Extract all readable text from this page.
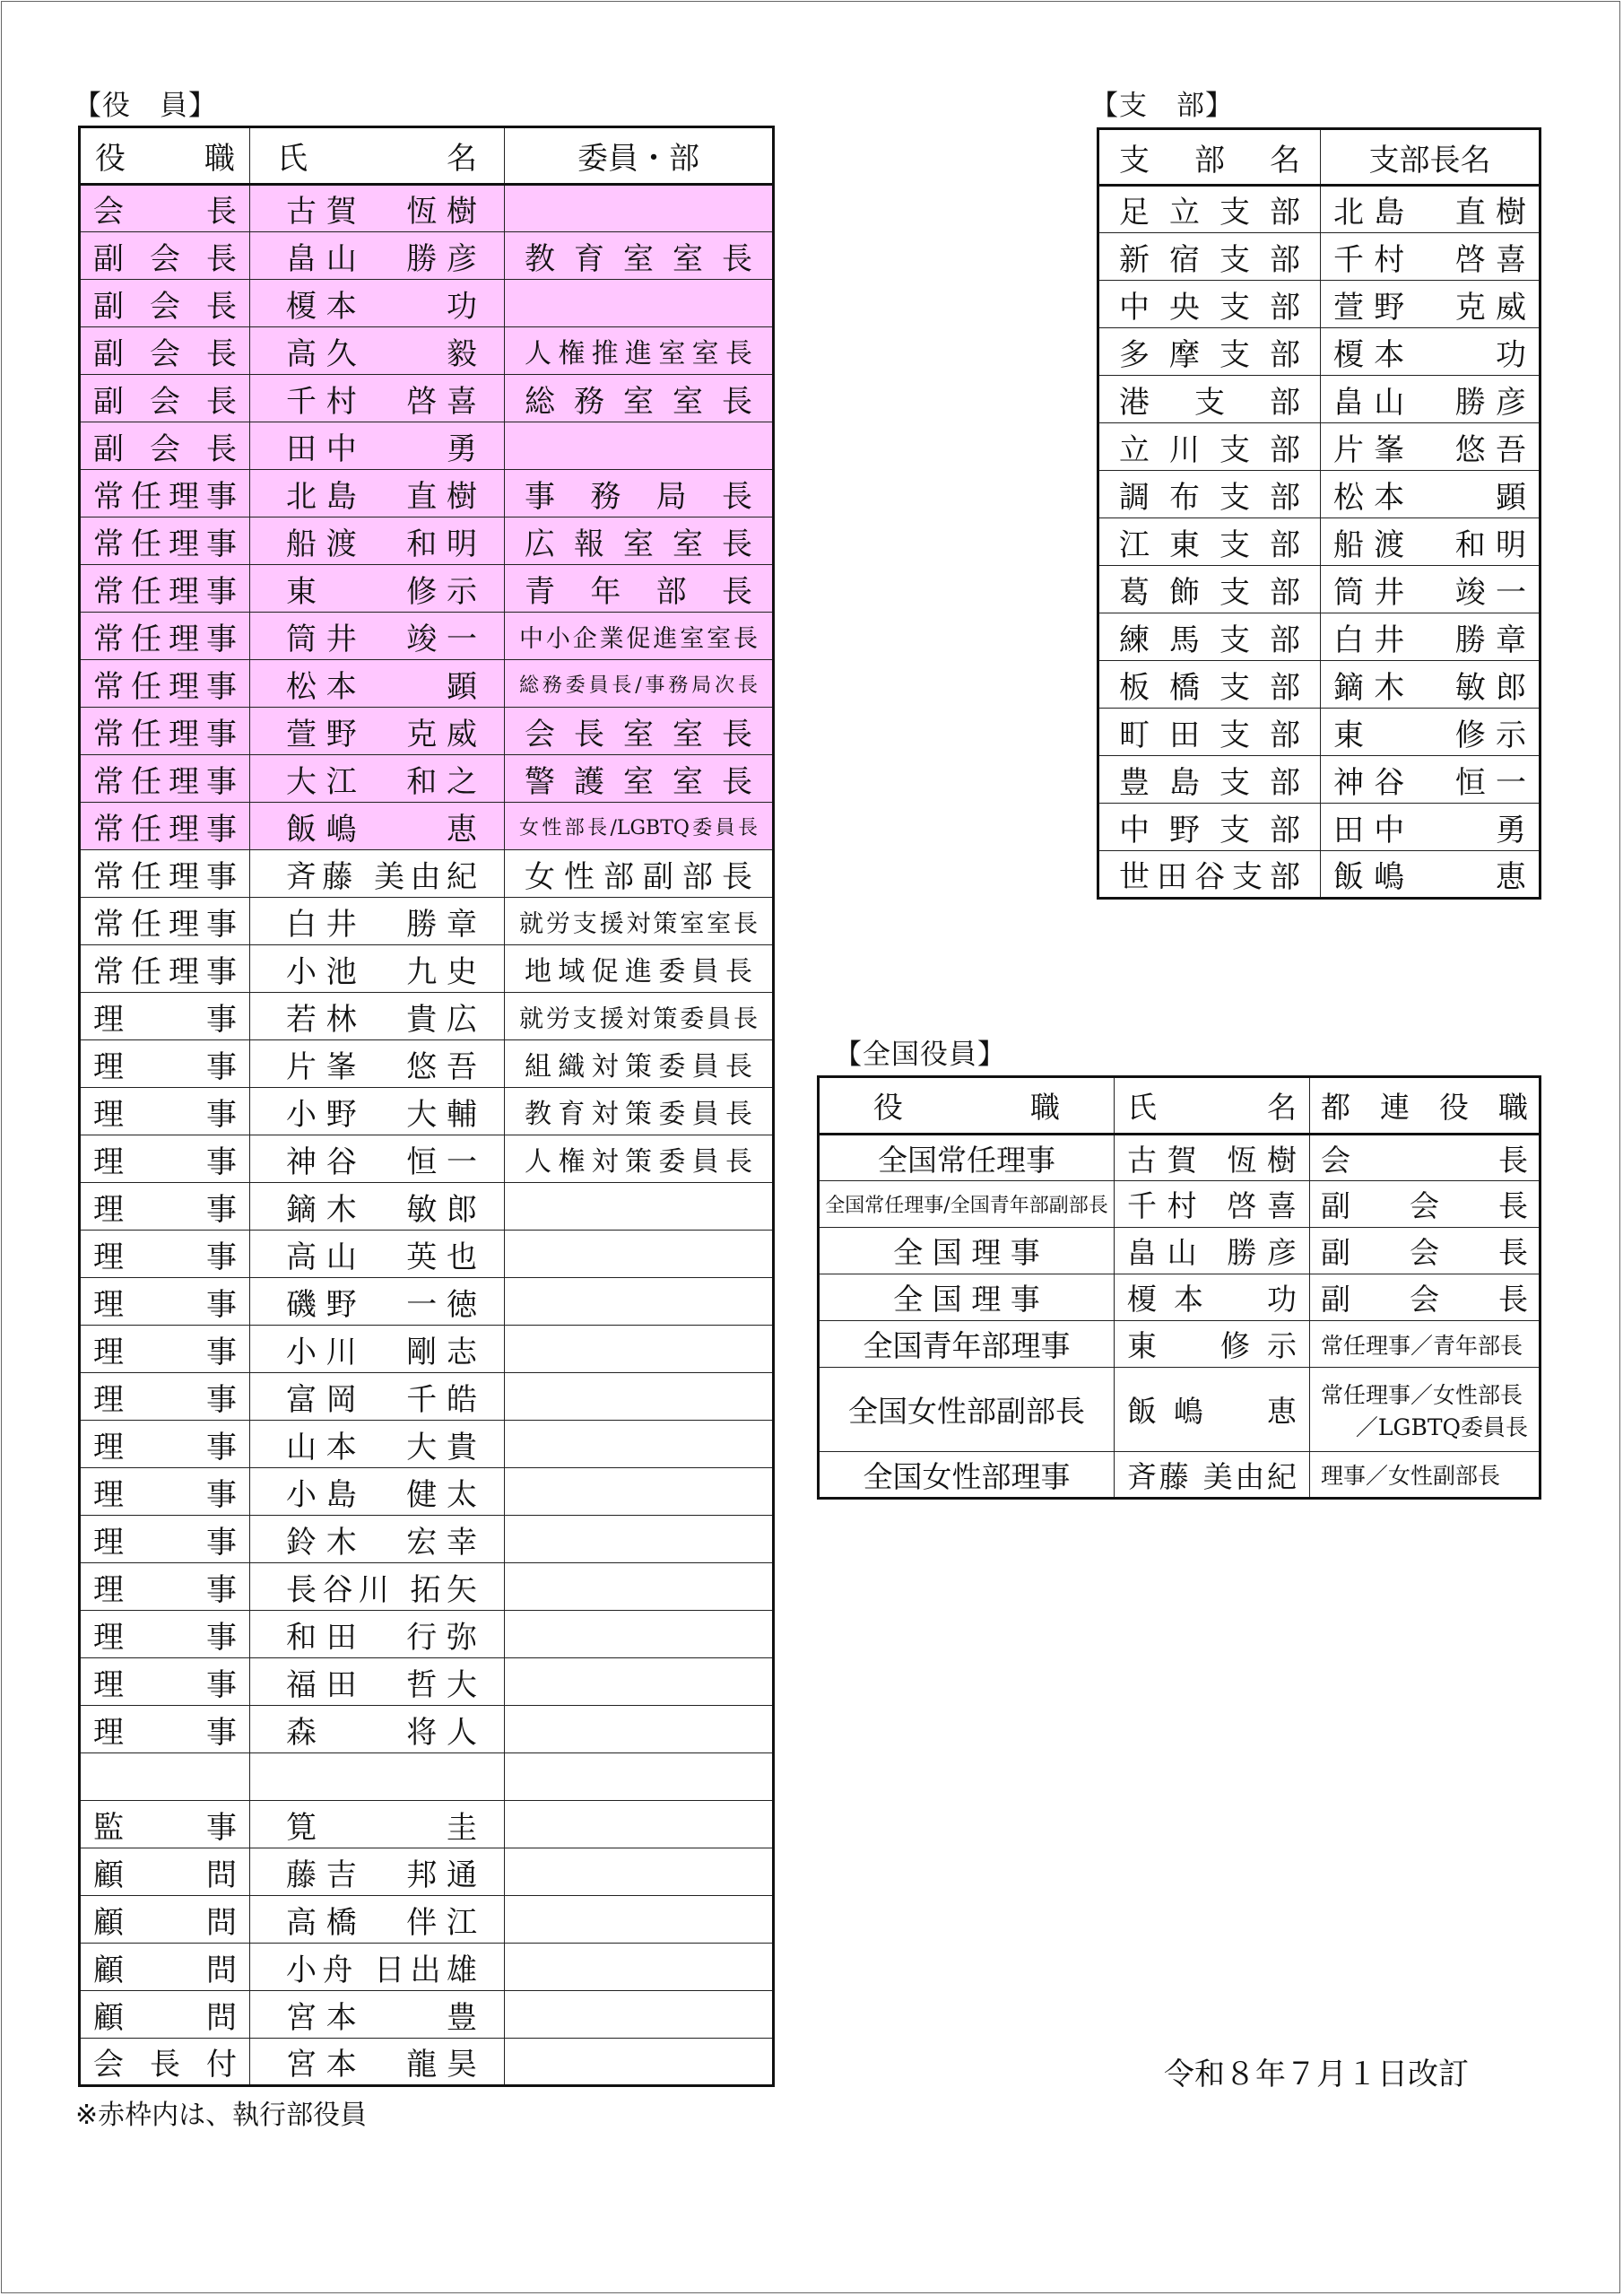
【役　員】
役　職	氏　　名	委員・部
会　長	古賀　恆樹	
副会長	畠山　勝彦	教育室室長
副会長	榎本　　功	
副会長	高久　　毅	人権推進室室長
副会長	千村　啓喜	総務室室長
副会長	田中　　勇	
常任理事	北島　直樹	事務局長
常任理事	船渡　和明	広報室室長
常任理事	東　　修示	青年部長
常任理事	筒井　竣一	中小企業促進室室長
常任理事	松本　　顕	総務委員長/事務局次長
常任理事	萱野　克威	会長室室長
常任理事	大江　和之	警護室室長
常任理事	飯嶋　　恵	女性部長/LGBTQ委員長
常任理事	斉藤 美由紀	女性部副部長
常任理事	白井　勝章	就労支援対策室室長
常任理事	小池　九史	地域促進委員長
理　事	若林　貴広	就労支援対策委員長
理　事	片峯　悠吾	組織対策委員長
理　事	小野　大輔	教育対策委員長
理　事	神谷　恒一	人権対策委員長
理　事	鏑木　敏郎	
理　事	高山　英也	
理　事	磯野　一徳	
理　事	小川　剛志	
理　事	富岡　千皓	
理　事	山本　大貴	
理　事	小島　健太	
理　事	鈴木　宏幸	
理　事	長谷川 拓矢	
理　事	和田　行弥	
理　事	福田　哲大	
理　事	森　　将人	

監　事	筧　　　圭	
顧　問	藤吉　邦通	
顧　問	高橋　伴江	
顧　問	小舟 日出雄	
顧　問	宮本　　豊	
会長付	宮本　龍昊	
※赤枠内は、執行部役員
【支　部】
支部名	支部長名
足立支部	北島　直樹
新宿支部	千村　啓喜
中央支部	萱野　克威
多摩支部	榎本　　功
港　支　部	畠山　勝彦
立川支部	片峯　悠吾
調布支部	松本　　顕
江東支部	船渡　和明
葛飾支部	筒井　竣一
練馬支部	白井　勝章
板橋支部	鏑木　敏郎
町田支部	東　　修示
豊島支部	神谷　恒一
中野支部	田中　　勇
世田谷支部	飯嶋　　恵
【全国役員】
役　職	氏　名	都連役職
全国常任理事	古賀 恆樹	会　長

全国常任理事/全国青年部副部長	千村 啓喜	副会長

全 国 理 事	畠山 勝彦	副会長

全 国 理 事	榎本　功	副会長

全国青年部理事	東　修示	常任理事／青年部長

全国女性部副部長	飯嶋　恵	常任理事／女性部長
／LGBTQ委員長

全国女性部理事	斉藤 美由紀	理事／女性副部長
令和８年７月１日改訂
